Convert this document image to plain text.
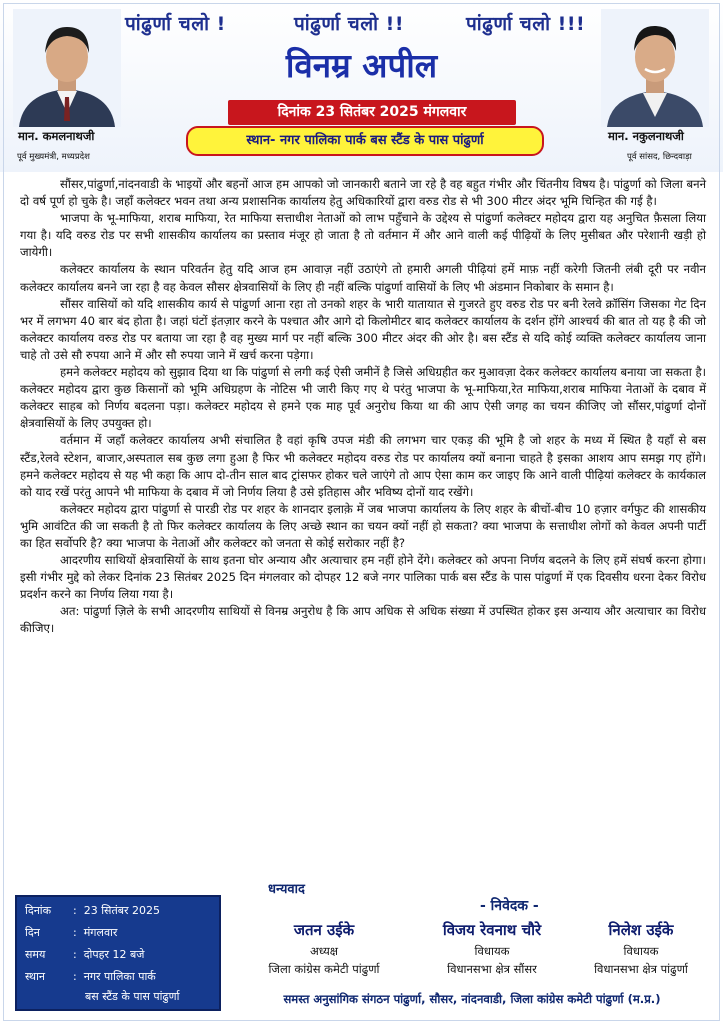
पांढुर्णा चलो !	पांढुर्णा चलो !!	पांढुर्णा चलो !!!
विनम्र अपील
दिनांक 23 सितंबर 2025 मंगलवार
स्थान- नगर पालिका पार्क बस स्टैंड के पास पांढुर्णा
मान. कमलनाथजी
पूर्व मुख्यमंत्री, मध्यप्रदेश
मान. नकुलनाथजी
पूर्व सांसद, छिन्दवाड़ा

सौंसर,पांढुर्णा,नांदनवाडी के भाइयों और बहनों आज हम आपको जो जानकारी बताने जा रहे है वह बहुत गंभीर और चिंतनीय विषय है। पांढुर्णा को जिला बनने दो वर्ष पूर्ण हो चुके है। जहाँ कलेक्टर भवन तथा अन्य प्रशासनिक कार्यालय हेतु अधिकारियों द्वारा वरुड रोड से भी 300 मीटर अंदर भूमि चिन्हित की गई है।

भाजपा के भू-माफिया, शराब माफिया, रेत माफिया सत्ताधीश नेताओं को लाभ पहुँचाने के उद्देश्य से पांढुर्णा कलेक्टर महोदय द्वारा यह अनुचित फ़ैसला लिया गया है। यदि वरुड रोड पर सभी शासकीय कार्यालय का प्रस्ताव मंजूर हो जाता है तो वर्तमान में और आने वाली कई पीढ़ियों के लिए मुसीबत और परेशानी खड़ी हो जायेगी।

कलेक्टर कार्यालय के स्थान परिवर्तन हेतु यदि आज हम आवाज़ नहीं उठाएंगे तो हमारी अगली पीढ़ियां हमें माफ़ नहीं करेगी जितनी लंबी दूरी पर नवीन कलेक्टर कार्यालय बनने जा रहा है वह केवल सौसर क्षेत्रवासियों के लिए ही नहीं बल्कि पांढुर्णा वासियों के लिए भी अंडमान निकोबार के समान है।

सौंसर वासियों को यदि शासकीय कार्य से पांढुर्णा आना रहा तो उनको शहर के भारी यातायात से गुजरते हुए वरुड रोड पर बनी रेलवे क्रॉसिंग जिसका गेट दिन भर में लगभग 40 बार बंद होता है। जहां घंटों इंतज़ार करने के पश्चात और आगे दो किलोमीटर बाद कलेक्टर कार्यालय के दर्शन होंगे आश्चर्य की बात तो यह है की जो कलेक्टर कार्यालय वरुड रोड पर बताया जा रहा है वह मुख्य मार्ग पर नहीं बल्कि 300 मीटर अंदर की ओर है। बस स्टैंड से यदि कोई व्यक्ति कलेक्टर कार्यालय जाना चाहे तो उसे सौ रुपया आने में और सौ रुपया जाने में खर्च करना पड़ेगा।

हमने कलेक्टर महोदय को सुझाव दिया था कि पांढुर्णा से लगी कई ऐसी जमीनें है जिसे अधिग्रहीत कर मुआवज़ा देकर कलेक्टर कार्यालय बनाया जा सकता है। कलेक्टर महोदय द्वारा कुछ किसानों को भूमि अधिग्रहण के नोटिस भी जारी किए गए थे परंतु भाजपा के भू-माफिया,रेत माफिया,शराब माफिया नेताओं के दबाव में कलेक्टर साहब को निर्णय बदलना पड़ा। कलेक्टर महोदय से हमने एक माह पूर्व अनुरोध किया था की आप ऐसी जगह का चयन कीजिए जो सौंसर,पांढुर्णा दोनों क्षेत्रवासियों के लिए उपयुक्त हो।

वर्तमान में जहाँ कलेक्टर कार्यालय अभी संचालित है वहां कृषि उपज मंडी की लगभग चार एकड़ की भूमि है जो शहर के मध्य में स्थित है यहाँ से बस स्टैंड,रेलवे स्टेशन, बाजार,अस्पताल सब कुछ लगा हुआ है फिर भी कलेक्टर महोदय वरुड रोड पर कार्यालय क्यों बनाना चाहते है इसका आशय आप समझ गए होंगे। हमने कलेक्टर महोदय से यह भी कहा कि आप दो-तीन साल बाद ट्रांसफर होकर चले जाएंगे तो आप ऐसा काम कर जाइए कि आने वाली पीढ़ियां कलेक्टर के कार्यकाल को याद रखें परंतु आपने भी माफिया के दबाव में जो निर्णय लिया है उसे इतिहास और भविष्य दोनों याद रखेंगे।

कलेक्टर महोदय द्वारा पांढुर्णा से पारडी रोड पर शहर के शानदार इलाक़े में जब भाजपा कार्यालय के लिए शहर के बीचों-बीच 10 हज़ार वर्गफुट की शासकीय भुमि आवंटित की जा सकती है तो फिर कलेक्टर कार्यालय के लिए अच्छे स्थान का चयन क्यों नहीं हो सकता? क्या भाजपा के सत्ताधीश लोगों को केवल अपनी पार्टी का हित सर्वोपरि है? क्या भाजपा के नेताओं और कलेक्टर को जनता से कोई सरोकार नहीं है?

आदरणीय साथियों क्षेत्रवासियों के साथ इतना घोर अन्याय और अत्याचार हम नहीं होने देंगे। कलेक्टर को अपना निर्णय बदलने के लिए हमें संघर्ष करना होगा। इसी गंभीर मुद्दे को लेकर दिनांक 23 सितंबर 2025 दिन मंगलवार को दोपहर 12 बजे नगर पालिका पार्क बस स्टैंड के पास पांढुर्णा में एक दिवसीय धरना देकर विरोध प्रदर्शन करने का निर्णय लिया गया है।

अत: पांढुर्णा ज़िले के सभी आदरणीय साथियों से विनम्र अनुरोध है कि आप अधिक से अधिक संख्या में उपस्थित होकर इस अन्याय और अत्याचार का विरोध कीजिए।

धन्यवाद
दिनांक : 23 सितंबर 2025
दिन	: मंगलवार
समय	: दोपहर 12 बजे
स्थान	: नगर पालिका पार्क
बस स्टैंड के पास पांढुर्णा
- निवेदक -
जतन उईके
अध्यक्ष
जिला कांग्रेस कमेटी पांढुर्णा
विजय रेवनाथ चौरे
विधायक
विधानसभा क्षेत्र सौंसर
निलेश उईके
विधायक
विधानसभा क्षेत्र पांढुर्णा
समस्त अनुसांगिक संगठन पांढुर्णा, सौसर, नांदनवाडी, जिला कांग्रेस कमेटी पांढुर्णा (म.प्र.)
